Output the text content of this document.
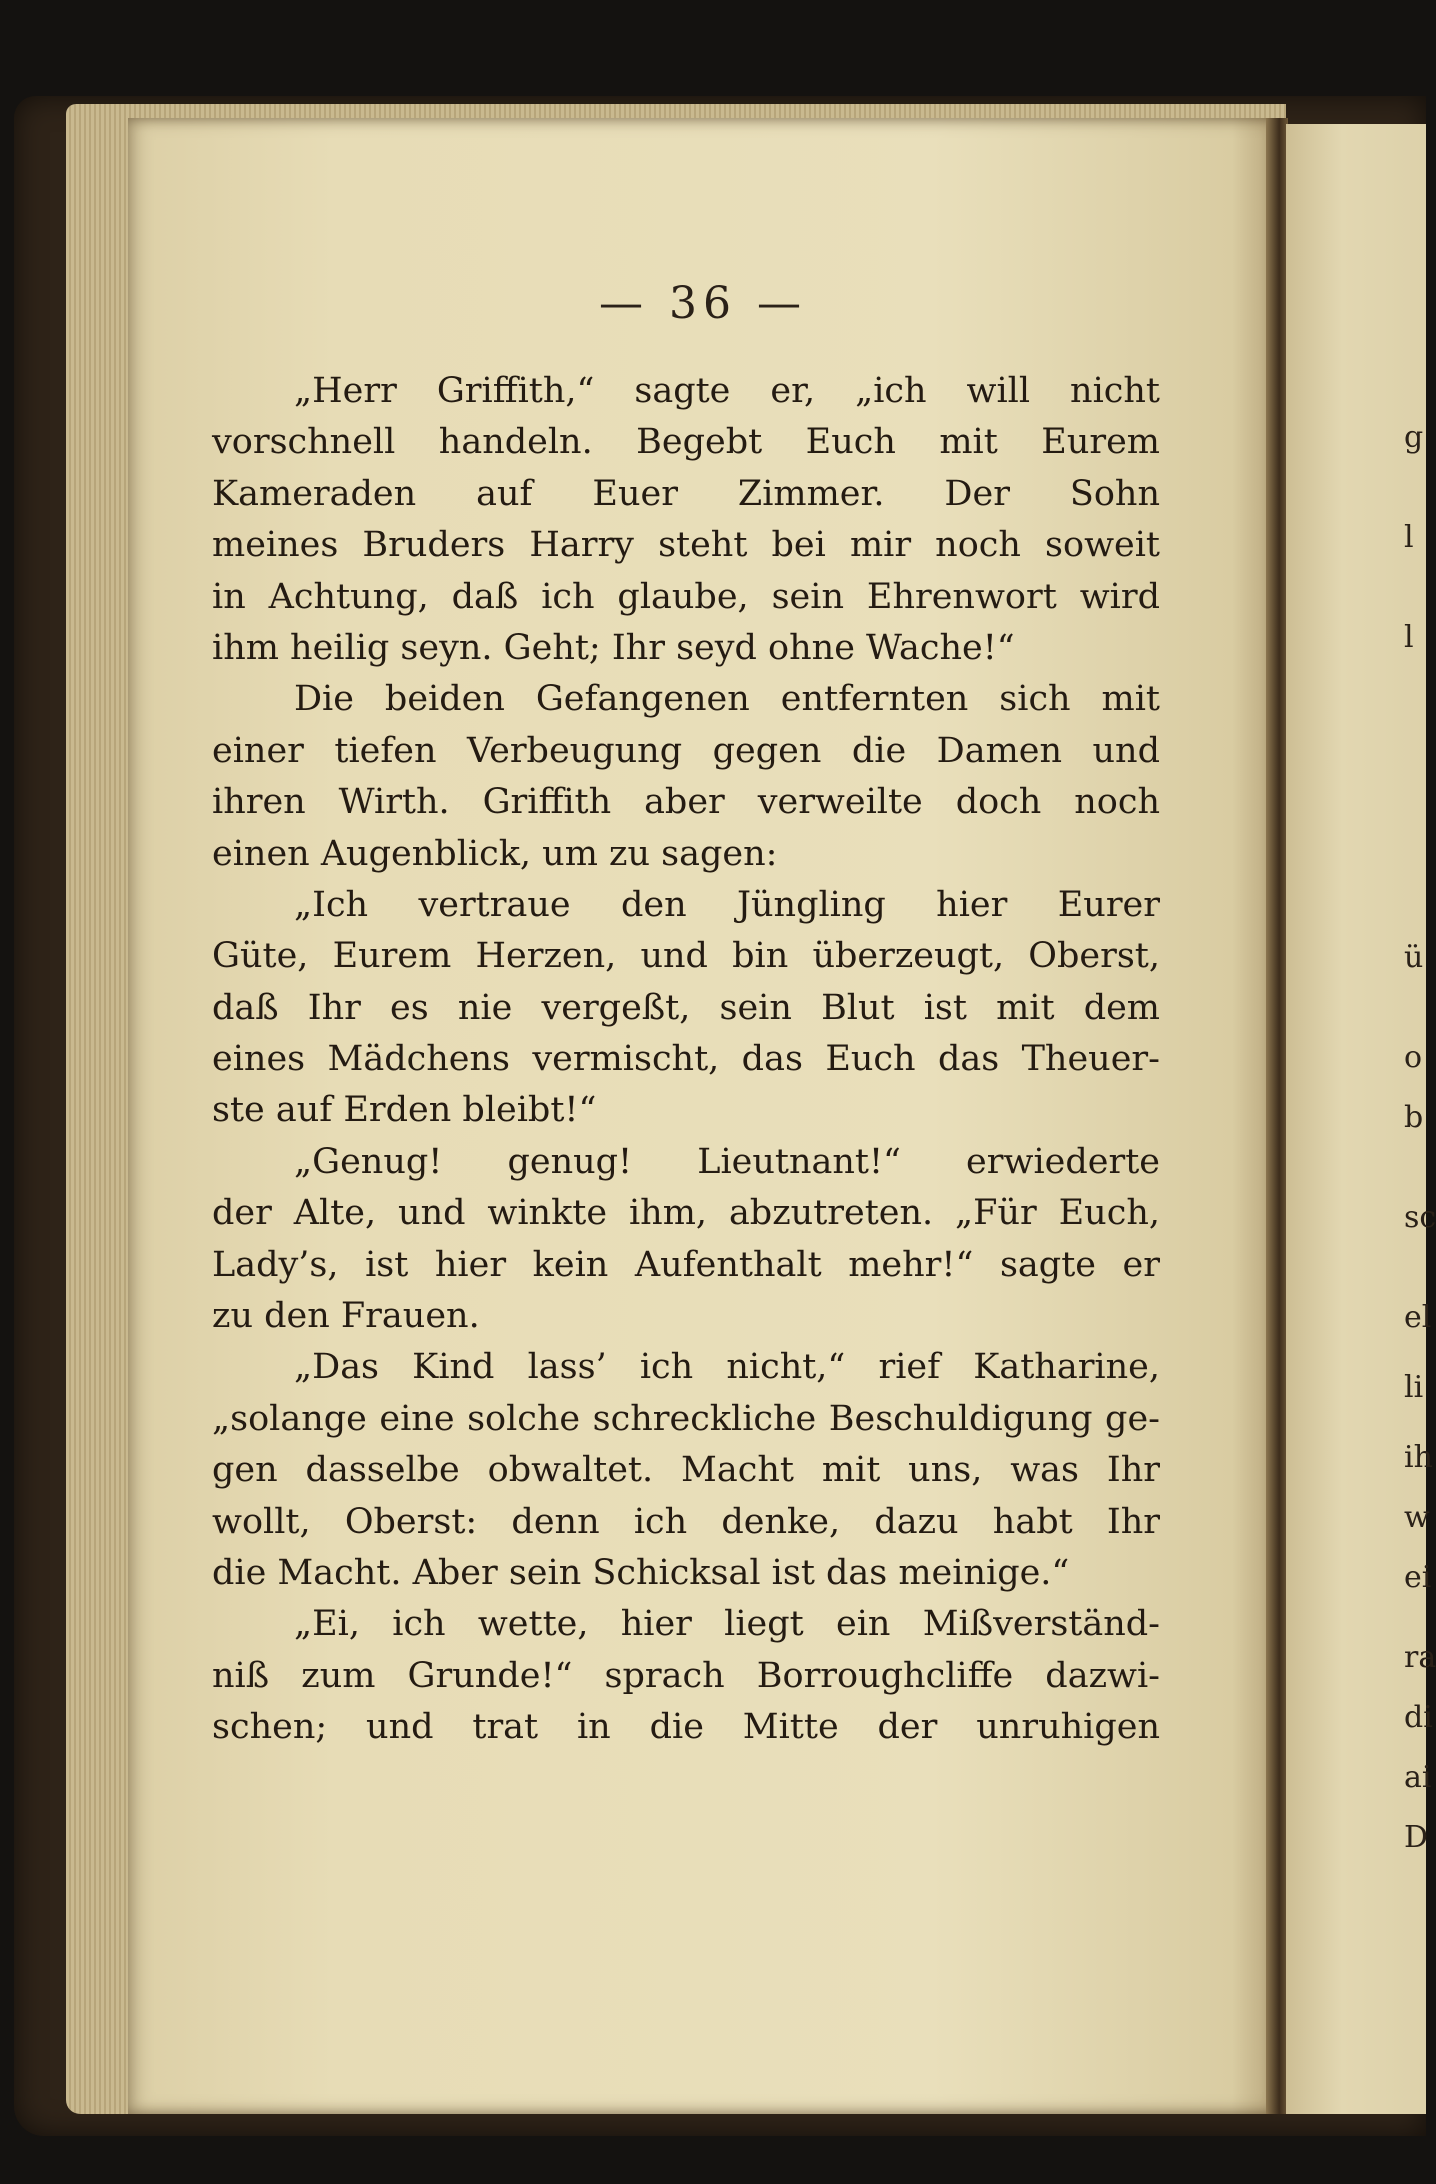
— 36 —
„Herr Griffith,“ sagte er, „ich will nicht
vorschnell handeln. Begebt Euch mit Eurem
Kameraden auf Euer Zimmer. Der Sohn
meines Bruders Harry steht bei mir noch soweit
in Achtung, daß ich glaube, sein Ehrenwort wird
ihm heilig seyn. Geht; Ihr seyd ohne Wache!“
Die beiden Gefangenen entfernten sich mit
einer tiefen Verbeugung gegen die Damen und
ihren Wirth. Griffith aber verweilte doch noch
einen Augenblick, um zu sagen:
„Ich vertraue den Jüngling hier Eurer
Güte, Eurem Herzen, und bin überzeugt, Oberst,
daß Ihr es nie vergeßt, sein Blut ist mit dem
eines Mädchens vermischt, das Euch das Theuer-
ste auf Erden bleibt!“
„Genug! genug! Lieutnant!“ erwiederte
der Alte, und winkte ihm, abzutreten. „Für Euch,
Lady’s, ist hier kein Aufenthalt mehr!“ sagte er
zu den Frauen.
„Das Kind lass’ ich nicht,“ rief Katharine,
„solange eine solche schreckliche Beschuldigung ge-
gen dasselbe obwaltet. Macht mit uns, was Ihr
wollt, Oberst: denn ich denke, dazu habt Ihr
die Macht. Aber sein Schicksal ist das meinige.“
„Ei, ich wette, hier liegt ein Mißverständ-
niß zum Grunde!“ sprach Borroughcliffe dazwi-
schen; und trat in die Mitte der unruhigen
g
l
l
ü
o
b
sc
el
li
ih
w
ei
ra
di
ai
D
